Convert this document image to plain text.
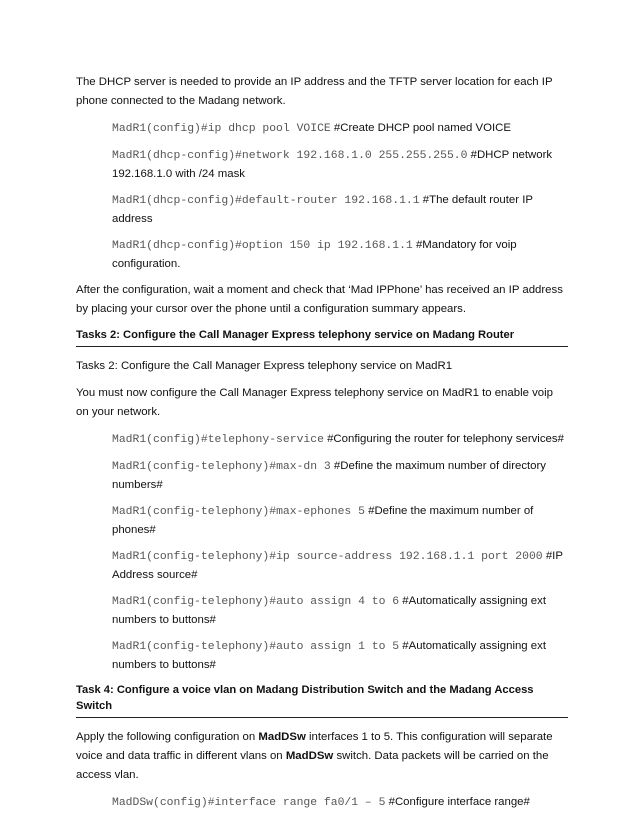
The DHCP server is needed to provide an IP address and the TFTP server location for each IP phone connected to the Madang network.

MadR1(config)#ip dhcp pool VOICE #Create DHCP pool named VOICE
MadR1(dhcp-config)#network 192.168.1.0 255.255.255.0 #DHCP network 192.168.1.0 with /24 mask
MadR1(dhcp-config)#default-router 192.168.1.1 #The default router IP address
MadR1(dhcp-config)#option 150 ip 192.168.1.1 #Mandatory for voip configuration.

After the configuration, wait a moment and check that ‘Mad IPPhone’ has received an IP address by placing your cursor over the phone until a configuration summary appears.

Tasks 2: Configure the Call Manager Express telephony service on Madang Router

Tasks 2: Configure the Call Manager Express telephony service on MadR1

You must now configure the Call Manager Express telephony service on MadR1 to enable voip on your network.

MadR1(config)#telephony-service #Configuring the router for telephony services#
MadR1(config-telephony)#max-dn 3 #Define the maximum number of directory numbers#
MadR1(config-telephony)#max-ephones 5 #Define the maximum number of phones#
MadR1(config-telephony)#ip source-address 192.168.1.1 port 2000 #IP Address source#
MadR1(config-telephony)#auto assign 4 to 6 #Automatically assigning ext numbers to buttons#
MadR1(config-telephony)#auto assign 1 to 5 #Automatically assigning ext numbers to buttons#
Task 4: Configure a voice vlan on Madang Distribution Switch and the Madang Access Switch

Apply the following configuration on MadDSw interfaces 1 to 5. This configuration will separate voice and data traffic in different vlans on MadDSw switch. Data packets will be carried on the access vlan.

MadDSw(config)#interface range fa0/1 – 5 #Configure interface range#
